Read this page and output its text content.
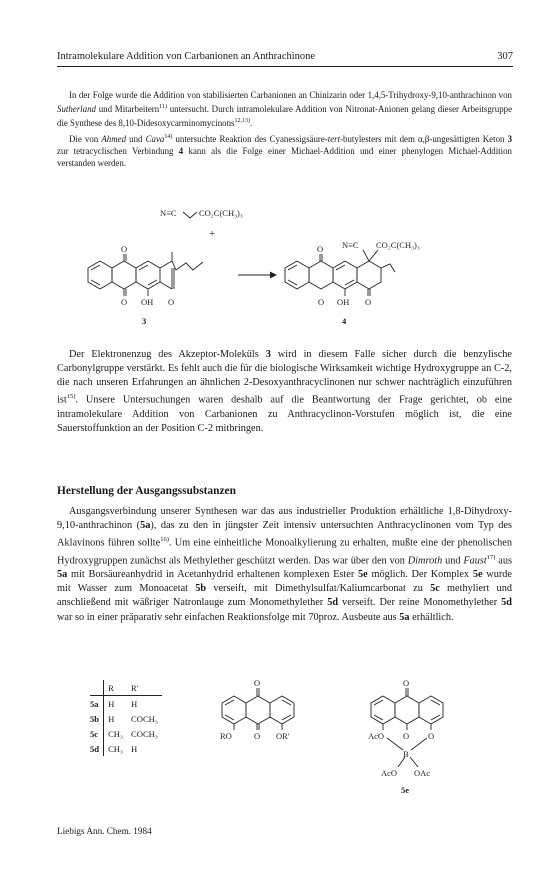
Intramolekulare Addition von Carbanionen an Anthrachinone	307

In der Folge wurde die Addition von stabilisierten Carbanionen an Chinizarin oder 1,4,5-Trihydroxy-9,10-anthrachinon von Sutherland und Mitarbeitern$^{11)}$ untersucht. Durch intramolekulare Addition von Nitronat-Anionen gelang dieser Arbeitsgruppe die Synthese des 8,10-Didesoxycarminomycinons$^{12,13)}$.

Die von Ahmed und Cava$^{14)}$ untersuchte Reaktion des Cyanessigsäure-tert-butylesters mit dem α,β-ungesättigten Keton 3 zur tetracyclischen Verbindung 4 kann als die Folge einer Michael-Addition und einer phenylogen Michael-Addition verstanden werden.

N≡C	CO₂C(CH₃)₃
+
O
O OH O
3
O N≡C CO₂C(CH₃)₃
O OH O
4

Der Elektronenzug des Akzeptor-Moleküls 3 wird in diesem Falle sicher durch die benzylische Carbonylgruppe verstärkt. Es fehlt auch die für die biologische Wirksamkeit wichtige Hydroxygruppe an C-2, die nach unseren Erfahrungen an ähnlichen 2-Desoxyanthracyclinonen nur schwer nachträglich einzuführen ist$^{15)}$. Unsere Untersuchungen waren deshalb auf die Beantwortung der Frage gerichtet, ob eine intramolekulare Addition von Carbanionen zu Anthracyclinon-Vorstufen möglich ist, die eine Sauerstoffunktion an der Position C-2 mitbringen.

Herstellung der Ausgangssubstanzen

Ausgangsverbindung unserer Synthesen war das aus industrieller Produktion erhältliche 1,8-Dihydroxy-9,10-anthrachinon (5a), das zu den in jüngster Zeit intensiv untersuchten Anthracyclinonen vom Typ des Aklavinons führen sollte$^{16)}$. Um eine einheitliche Monoalkylierung zu erhalten, mußte eine der phenolischen Hydroxygruppen zunächst als Methylether geschützt werden. Das war über den von Dimroth und Faust$^{17)}$ aus 5a mit Borsäureanhydrid in Acetanhydrid erhaltenen komplexen Ester 5e möglich. Der Komplex 5e wurde mit Wasser zum Monoacetat 5b verseift, mit Dimethylsulfat/Kaliumcarbonat zu 5c methyliert und anschließend mit wäßriger Natronlauge zum Monomethylether 5d verseift. Der reine Monomethylether 5d war so in einer präparativ sehr einfachen Reaktionsfolge mit 70proz. Ausbeute aus 5a erhältlich.

	R	R′
5a	H	H
5b	H	COCH₃
5c	CH₃	COCH₃
5d	CH₃	H
O
RO	O OR′
O
AcO O O
B
AcO OAc
5e
Liebigs Ann. Chem. 1984
